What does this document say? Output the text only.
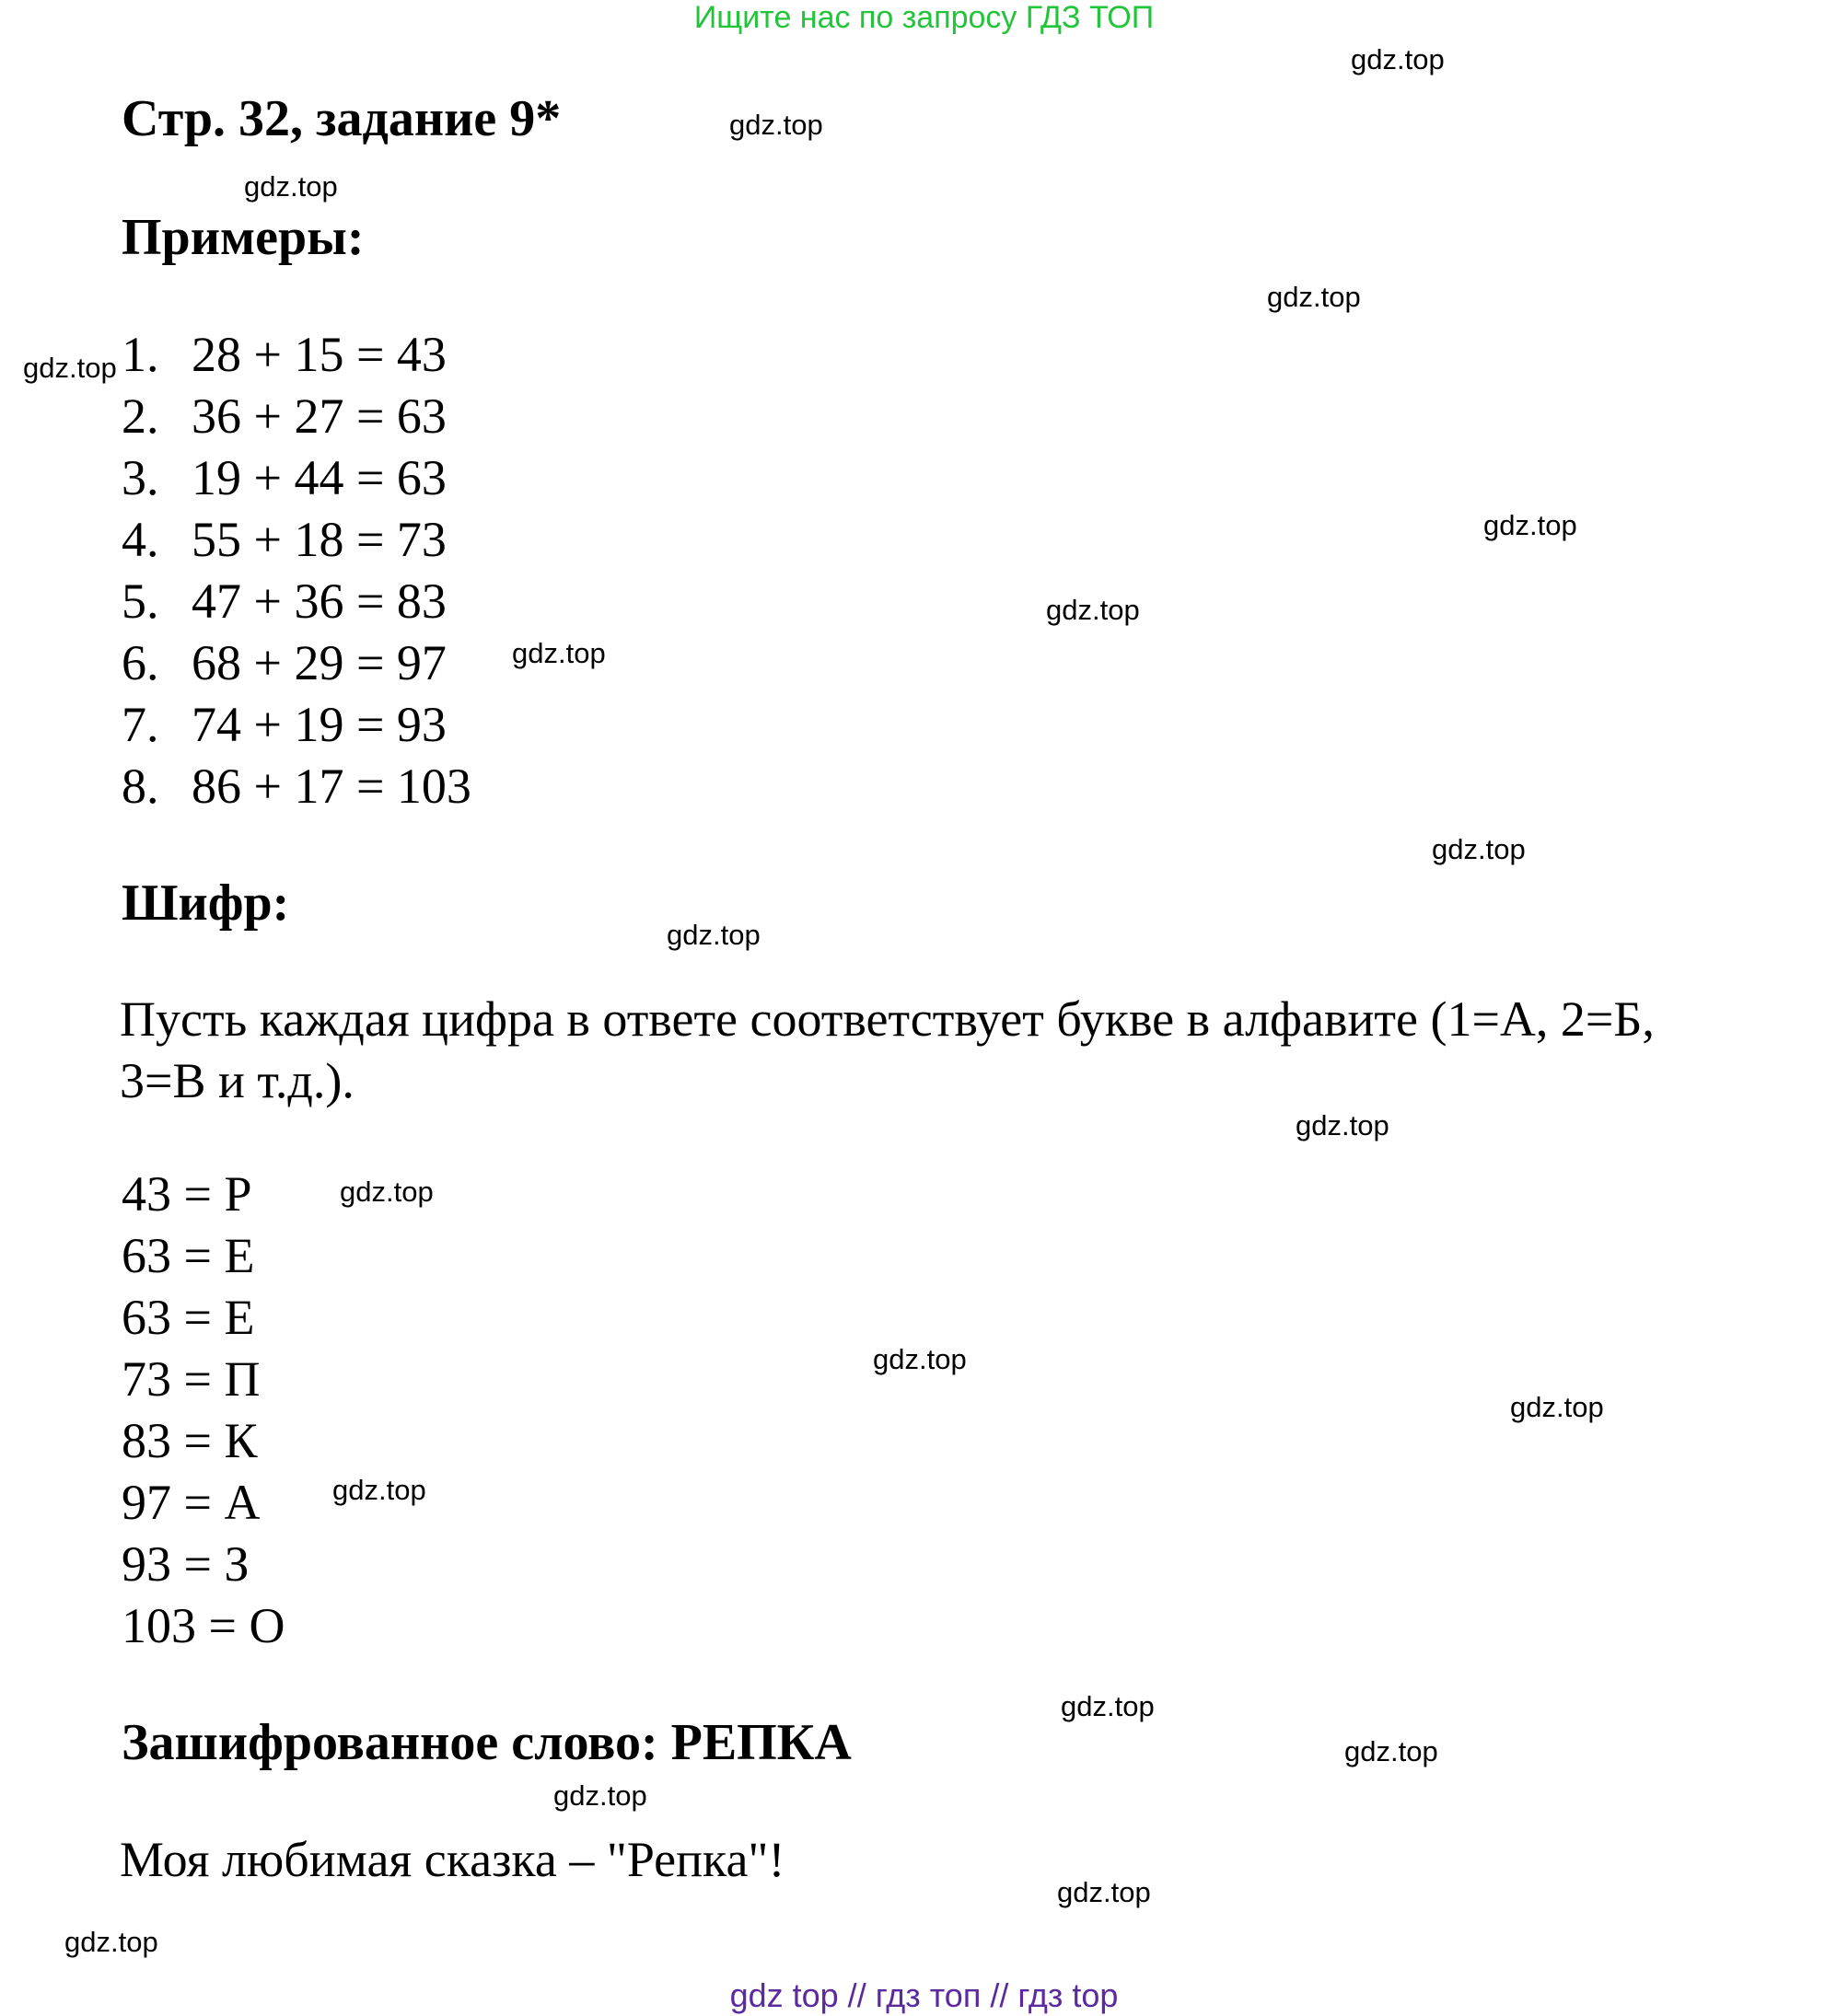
Ищите нас по запросу ГДЗ ТОП
Стр. 32, задание 9*
Примеры:
1. 28 + 15 = 43
2. 36 + 27 = 63
3. 19 + 44 = 63
4. 55 + 18 = 73
5. 47 + 36 = 83
6. 68 + 29 = 97
7. 74 + 19 = 93
8. 86 + 17 = 103
Шифр:
Пусть каждая цифра в ответе соответствует букве в алфавите (1=А, 2=Б,
3=В и т.д.).
43 = Р
63 = Е
63 = Е
73 = П
83 = К
97 = А
93 = З
103 = О
Зашифрованное слово: РЕПКА
Моя любимая сказка – "Репка"!
gdz.top
gdz.top
gdz.top
gdz.top
gdz.top
gdz.top
gdz.top
gdz.top
gdz.top
gdz.top
gdz.top
gdz.top
gdz.top
gdz.top
gdz.top
gdz.top
gdz.top
gdz.top
gdz.top
gdz.top
gdz top // гдз топ // гдз top
